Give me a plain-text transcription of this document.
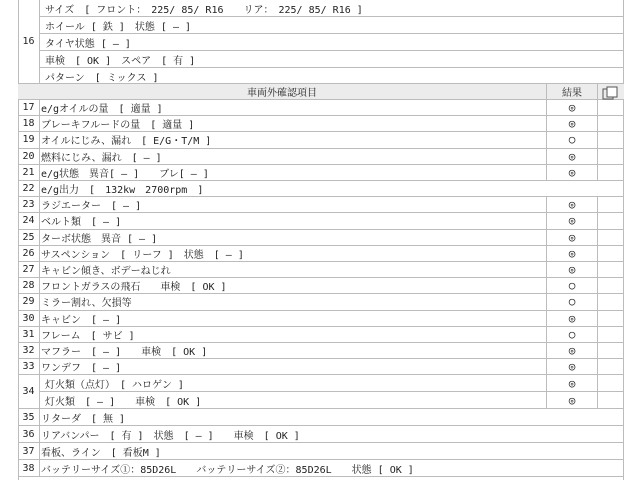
16
サイズ　[ フロント：　225/ 85/ R16　　リア：　225/ 85/ R16 ]
ホイール [ 鉄 ]　状態 [ ― ]
タイヤ状態 [ ― ]
車検　[ OK ]　スペア　[ 有 ]
パターン　[ ミックス ]
車両外確認項目	結果
17 e/gオイルの量　[ 適量 ]	◎
18 ブレーキフルードの量　[ 適量 ]	◎
19 オイルにじみ、漏れ　[ E/G・T/M ]	○
20 燃料にじみ、漏れ　[ ― ]	◎
21 e/g状態　異音[ ― ]　　ブレ[ ― ]	◎
22 e/g出力　[　132kw　2700rpm　]
23 ラジエーター　[ ― ]	◎
24 ベルト類　[ ― ]	◎
25 ターボ状態　異音 [ ― ]	◎
26 サスペンション　[ リーフ ]　状態　[ ― ]	◎
27 キャビン傾き、ボデーねじれ	◎
28 フロントガラスの飛石　　車検　[ OK ]	○
29 ミラー割れ、欠損等	○
30 キャビン　[ ― ]	◎
31 フレーム　[ サビ ]	○
32 マフラー　[ ― ]　　車検　[ OK ]	◎
33 ワンデフ　[ ― ]	◎
34
灯火類（点灯）　[ ハロゲン ]	◎
灯火類　[ ― ]　　車検　[ OK ]	◎
35 リターダ　[ 無 ]
36 リアバンパー　[ 有 ]　状態　[ ― ]　　車検　[ OK ]
37 看板、ライン　[ 看板M ]
38 バッテリーサイズ①：85D26L　　バッテリーサイズ②：85D26L　　状態 [ OK ]
